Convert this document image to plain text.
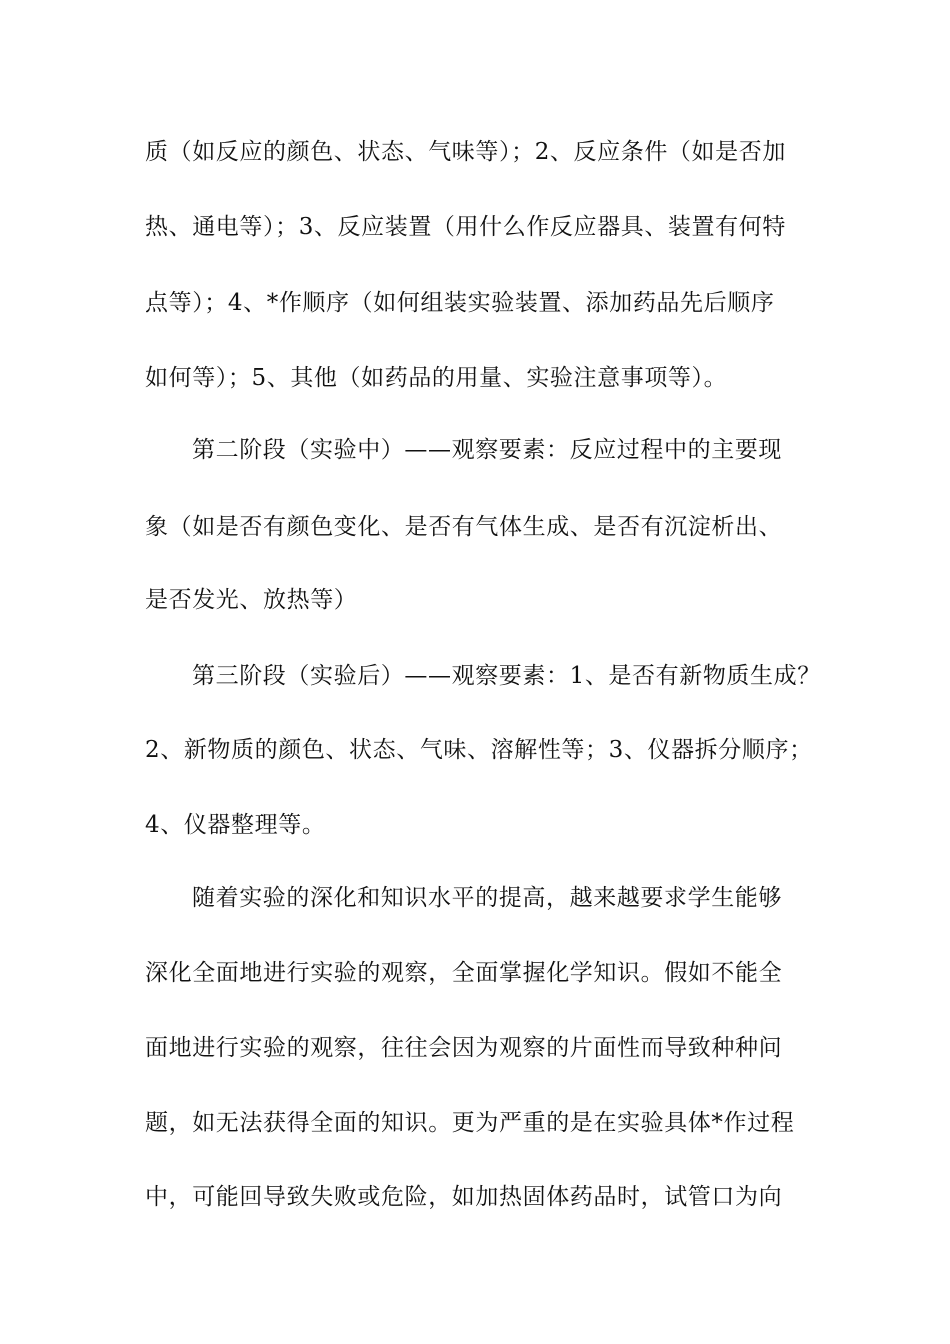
质（如反应的颜色、状态、气味等）；2、反应条件（如是否加
热、通电等）；3、反应装置（用什么作反应器具、装置有何特
点等）；4、*作顺序（如何组装实验装置、添加药品先后顺序
如何等）；5、其他（如药品的用量、实验注意事项等）。
第二阶段（实验中）——观察要素：反应过程中的主要现
象（如是否有颜色变化、是否有气体生成、是否有沉淀析出、
是否发光、放热等）
第三阶段（实验后）——观察要素：1、是否有新物质生成？
2、新物质的颜色、状态、气味、溶解性等；3、仪器拆分顺序；
4、仪器整理等。
随着实验的深化和知识水平的提高，越来越要求学生能够
深化全面地进行实验的观察，全面掌握化学知识。假如不能全
面地进行实验的观察，往往会因为观察的片面性而导致种种问
题，如无法获得全面的知识。更为严重的是在实验具体*作过程
中，可能回导致失败或危险，如加热固体药品时，试管口为向
